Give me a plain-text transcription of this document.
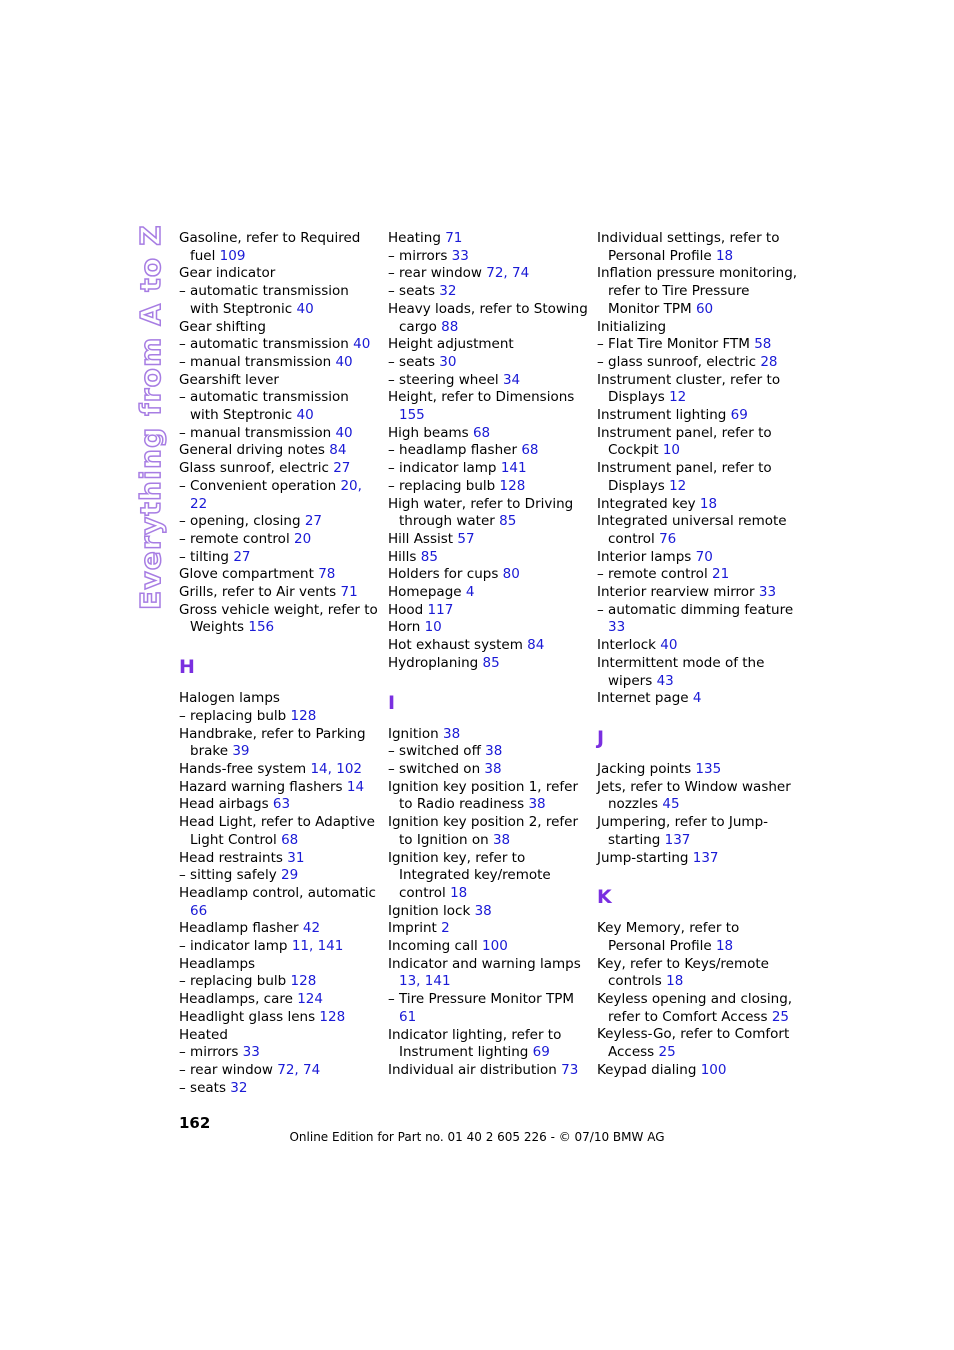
Everything from A to Z Gasoline, refer to Required fuel 109
Gear indicator
– automatic transmission with Steptronic 40
Gear shifting
– automatic transmission 40
– manual transmission 40
Gearshift lever
– automatic transmission with Steptronic 40
– manual transmission 40
General driving notes 84
Glass sunroof, electric 27
– Convenient operation 20, 22
– opening, closing 27
– remote control 20
– tilting 27
Glove compartment 78
Grills, refer to Air vents 71
Gross vehicle weight, refer to Weights 156
H
Halogen lamps
– replacing bulb 128
Handbrake, refer to Parking brake 39
Hands-free system 14, 102
Hazard warning flashers 14
Head airbags 63
Head Light, refer to Adaptive Light Control 68
Head restraints 31
– sitting safely 29
Headlamp control, automatic 66
Headlamp flasher 42
– indicator lamp 11, 141
Headlamps
– replacing bulb 128
Headlamps, care 124
Headlight glass lens 128
Heated
– mirrors 33
– rear window 72, 74
– seats 32
Heating 71
– mirrors 33
– rear window 72, 74
– seats 32
Heavy loads, refer to Stowing cargo 88
Height adjustment
– seats 30
– steering wheel 34
Height, refer to Dimensions 155
High beams 68
– headlamp flasher 68
– indicator lamp 141
– replacing bulb 128
High water, refer to Driving through water 85
Hill Assist 57
Hills 85
Holders for cups 80
Homepage 4
Hood 117
Horn 10
Hot exhaust system 84
Hydroplaning 85
I
Ignition 38
– switched off 38
– switched on 38
Ignition key position 1, refer to Radio readiness 38
Ignition key position 2, refer to Ignition on 38
Ignition key, refer to Integrated key/remote control 18
Ignition lock 38
Imprint 2
Incoming call 100
Indicator and warning lamps 13, 141
– Tire Pressure Monitor TPM 61
Indicator lighting, refer to Instrument lighting 69
Individual air distribution 73
Individual settings, refer to Personal Profile 18
Inflation pressure monitoring, refer to Tire Pressure Monitor TPM 60
Initializing
– Flat Tire Monitor FTM 58
– glass sunroof, electric 28
Instrument cluster, refer to Displays 12
Instrument lighting 69
Instrument panel, refer to Cockpit 10
Instrument panel, refer to Displays 12
Integrated key 18
Integrated universal remote control 76
Interior lamps 70
– remote control 21
Interior rearview mirror 33
– automatic dimming feature 33
Interlock 40
Intermittent mode of the wipers 43
Internet page 4
J
Jacking points 135
Jets, refer to Window washer nozzles 45
Jumpering, refer to Jump-starting 137
Jump-starting 137
K
Key Memory, refer to Personal Profile 18
Key, refer to Keys/remote controls 18
Keyless opening and closing, refer to Comfort Access 25
Keyless-Go, refer to Comfort Access 25
Keypad dialing 100
162
Online Edition for Part no. 01 40 2 605 226 - © 07/10 BMW AG
